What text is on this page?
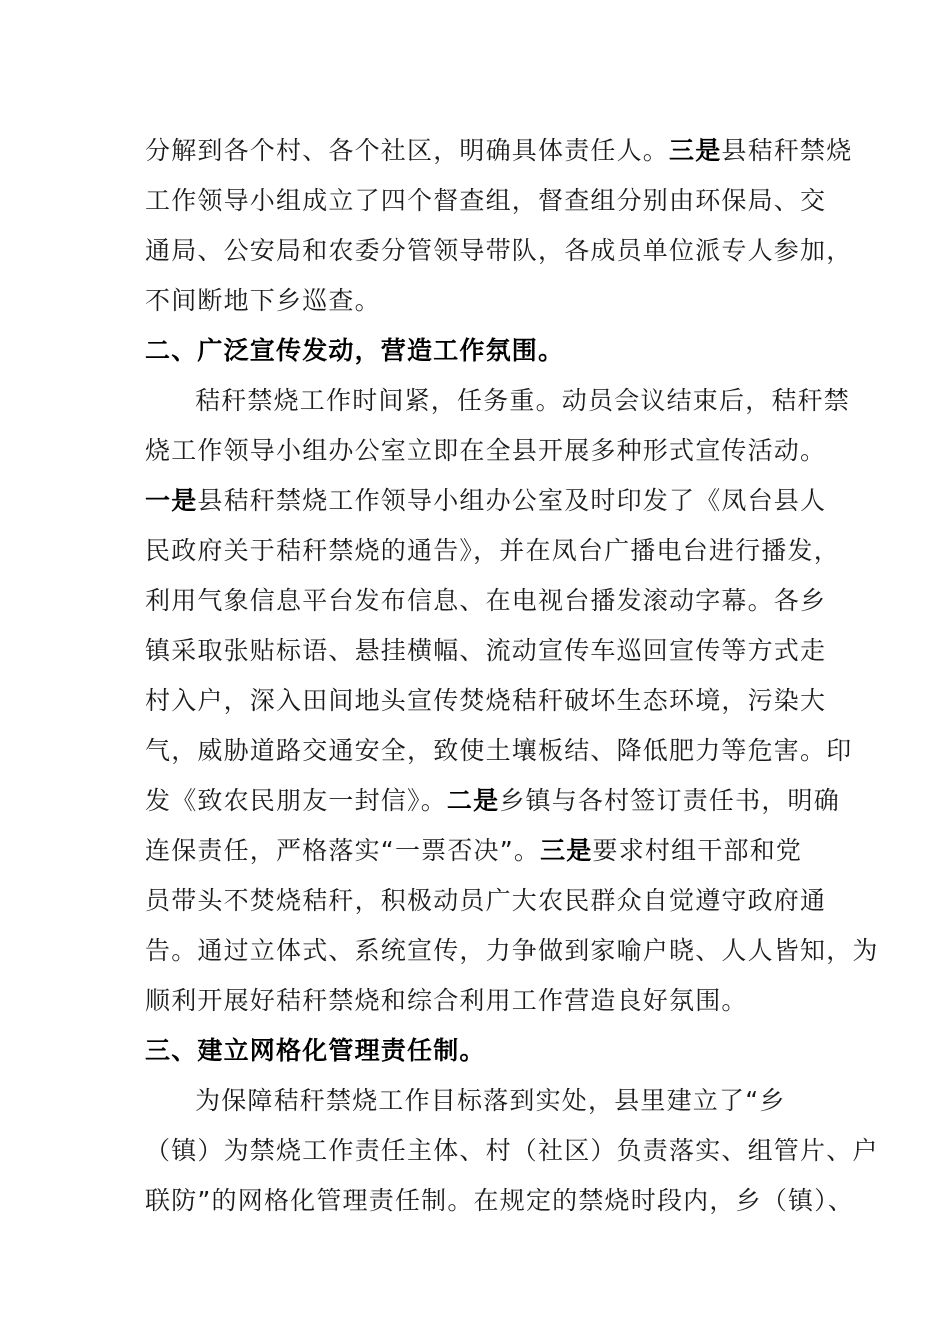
分解到各个村、各个社区，明确具体责任人。三是县秸秆禁烧
工作领导小组成立了四个督查组，督查组分别由环保局、交
通局、公安局和农委分管领导带队，各成员单位派专人参加，
不间断地下乡巡查。
二、广泛宣传发动，营造工作氛围。
秸秆禁烧工作时间紧，任务重。动员会议结束后，秸秆禁
烧工作领导小组办公室立即在全县开展多种形式宣传活动。
一是县秸秆禁烧工作领导小组办公室及时印发了《凤台县人
民政府关于秸秆禁烧的通告》，并在凤台广播电台进行播发，
利用气象信息平台发布信息、在电视台播发滚动字幕。各乡
镇采取张贴标语、悬挂横幅、流动宣传车巡回宣传等方式走
村入户，深入田间地头宣传焚烧秸秆破坏生态环境，污染大
气，威胁道路交通安全，致使土壤板结、降低肥力等危害。印
发《致农民朋友一封信》。二是乡镇与各村签订责任书，明确
连保责任，严格落实“一票否决”。三是要求村组干部和党
员带头不焚烧秸秆，积极动员广大农民群众自觉遵守政府通
告。通过立体式、系统宣传，力争做到家喻户晓、人人皆知，为
顺利开展好秸秆禁烧和综合利用工作营造良好氛围。
三、建立网格化管理责任制。
为保障秸秆禁烧工作目标落到实处，县里建立了“乡
（镇）为禁烧工作责任主体、村（社区）负责落实、组管片、户
联防”的网格化管理责任制。在规定的禁烧时段内，乡（镇）、
